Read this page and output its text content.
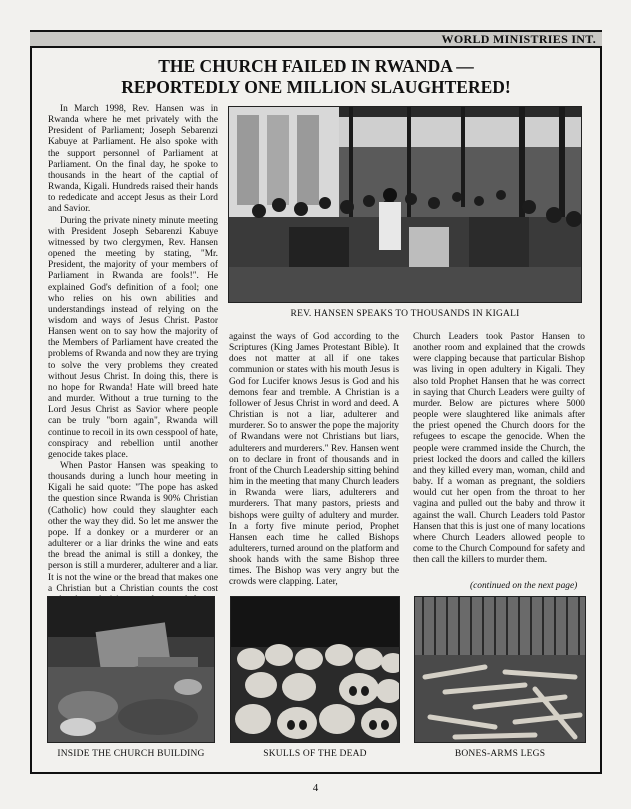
WORLD MINISTRIES INT.
THE CHURCH FAILED IN RWANDA —
REPORTEDLY ONE MILLION SLAUGHTERED!

In March 1998, Rev. Hansen was in Rwanda where he met privately with the President of Parliament; Joseph Sebarenzi Kabuye at Parliament. He also spoke with the support personnel of Parliament at Parliament. On the final day, he spoke to thousands in the heart of the captial of Rwanda, Kigali. Hundreds raised their hands to rededicate and accept Jesus as their Lord and Savior.

During the private ninety minute meeting with President Joseph Sebarenzi Kabuye witnessed by two clergymen, Rev. Hansen opened the meeting by stating, "Mr. President, the majority of your members of Parliament in Rwanda are fools!". He explained God's definition of a fool; one who relies on his own abilities and understandings instead of relying on the wisdom and ways of Jesus Christ. Pastor Hansen went on to say how the majority of the Members of Parliament have created the problems of Rwanda and now they are trying to solve the very problems they created without Jesus Christ. In doing this, there is no hope for Rwanda! Hate will breed hate and murder. Without a true turning to the Lord Jesus Christ as Savior where people can be truly "born again", Rwanda will continue to recoil in its own cesspool of hate, conspiracy and rebellion until another genocide takes place.

When Pastor Hansen was speaking to thousands during a lunch hour meeting in Kigali he said quote: "The pope has asked the question since Rwanda is 90% Christian (Catholic) how could they slaughter each other the way they did. So let me answer the pope. If a donkey or a murderer or an adulterer or a liar drinks the wine and eats the bread the animal is still a donkey, the person is still a murderer, adulterer and a liar. It is not the wine or the bread that makes one a Christian but a Christian counts the cost

REV. HANSEN SPEAKS TO THOUSANDS IN KIGALI

against the ways of God according to the Scriptures (King James Protestant Bible). It does not matter at all if one takes communion or states with his mouth Jesus is God for Lucifer knows Jesus is God and his demons fear and tremble. A Christian is a follower of Jesus Christ in word and deed. A Christian is not a liar, adulterer and murderer. So to answer the pope the majority of Rwandans were not Christians but liars, adulterers and murderers." Rev. Hansen went on to declare in front of thousands and in front of the Church Leadership sitting behind him in the meeting that many Church leaders in Rwanda were liars, adulterers and murderers. That many pastors, priests and bishops were guilty of adultery and murder. In a forty five minute period, Prophet Hansen each time he called Bishops adulterers, turned around on the platform and shook hands with the same Bishop three times. The Bishop was very angry but the crowds were clapping. Later,

Church Leaders took Pastor Hansen to another room and explained that the crowds were clapping because that particular Bishop was living in open adultery in Kigali. They also told Prophet Hansen that he was correct in saying that Church Leaders were guilty of murder. Below are pictures where 5000 people were slaughtered like animals after the priest opened the Church doors for the refugees to escape the genocide. When the people were crammed inside the Church, the priest locked the doors and called the killers and they killed every man, woman, child and baby. If a woman as pregnant, the soldiers would cut her open from the throat to her vagina and pulled out the baby and throw it against the wall. Church Leaders told Pastor Hansen that this is just one of many locations where Church Leaders allowed people to come to the Church Compound for safety and then call the killers to murder them.

(continued on the next page)
INSIDE THE CHURCH BUILDING	SKULLS OF THE DEAD	BONES-ARMS LEGS
4
